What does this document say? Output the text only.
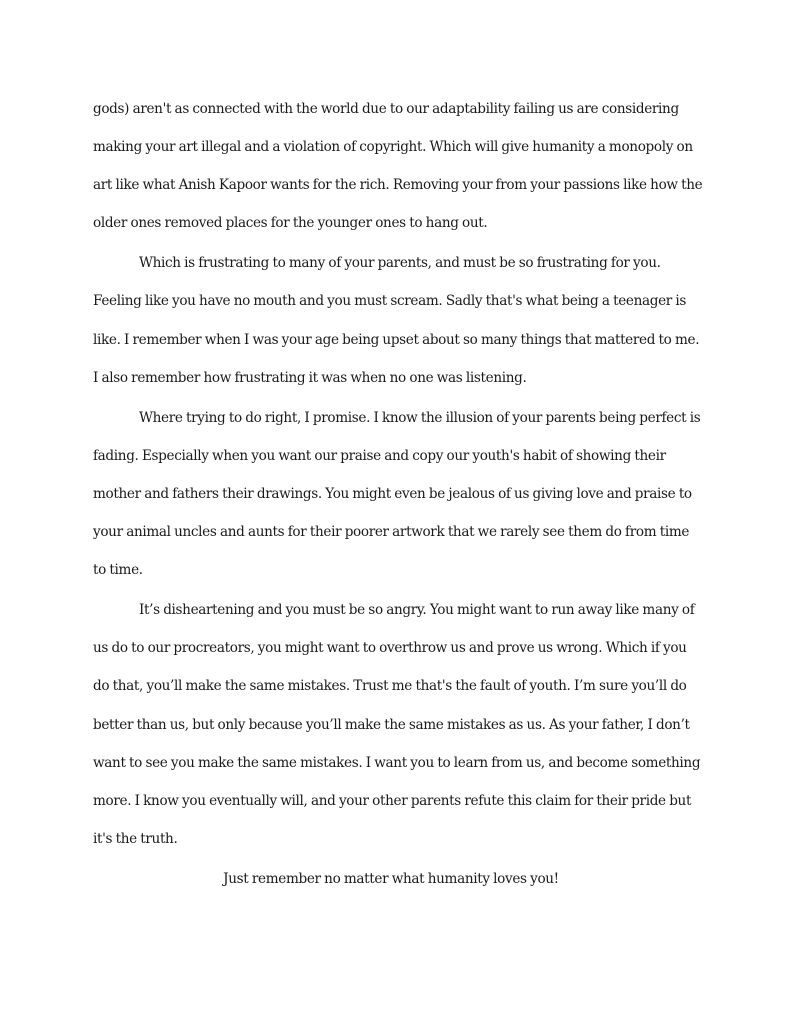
gods) aren't as connected with the world due to our adaptability failing us are considering making your art illegal and a violation of copyright. Which will give humanity a monopoly on art like what Anish Kapoor wants for the rich. Removing your from your passions like how the older ones removed places for the younger ones to hang out.

Which is frustrating to many of your parents, and must be so frustrating for you. Feeling like you have no mouth and you must scream. Sadly that's what being a teenager is like. I remember when I was your age being upset about so many things that mattered to me. I also remember how frustrating it was when no one was listening.

Where trying to do right, I promise. I know the illusion of your parents being perfect is fading. Especially when you want our praise and copy our youth's habit of showing their mother and fathers their drawings. You might even be jealous of us giving love and praise to your animal uncles and aunts for their poorer artwork that we rarely see them do from time to time.

It’s disheartening and you must be so angry. You might want to run away like many of us do to our procreators, you might want to overthrow us and prove us wrong. Which if you do that, you’ll make the same mistakes. Trust me that's the fault of youth. I’m sure you’ll do better than us, but only because you’ll make the same mistakes as us. As your father, I don’t want to see you make the same mistakes. I want you to learn from us, and become something more. I know you eventually will, and your other parents refute this claim for their pride but it's the truth.

Just remember no matter what humanity loves you!
